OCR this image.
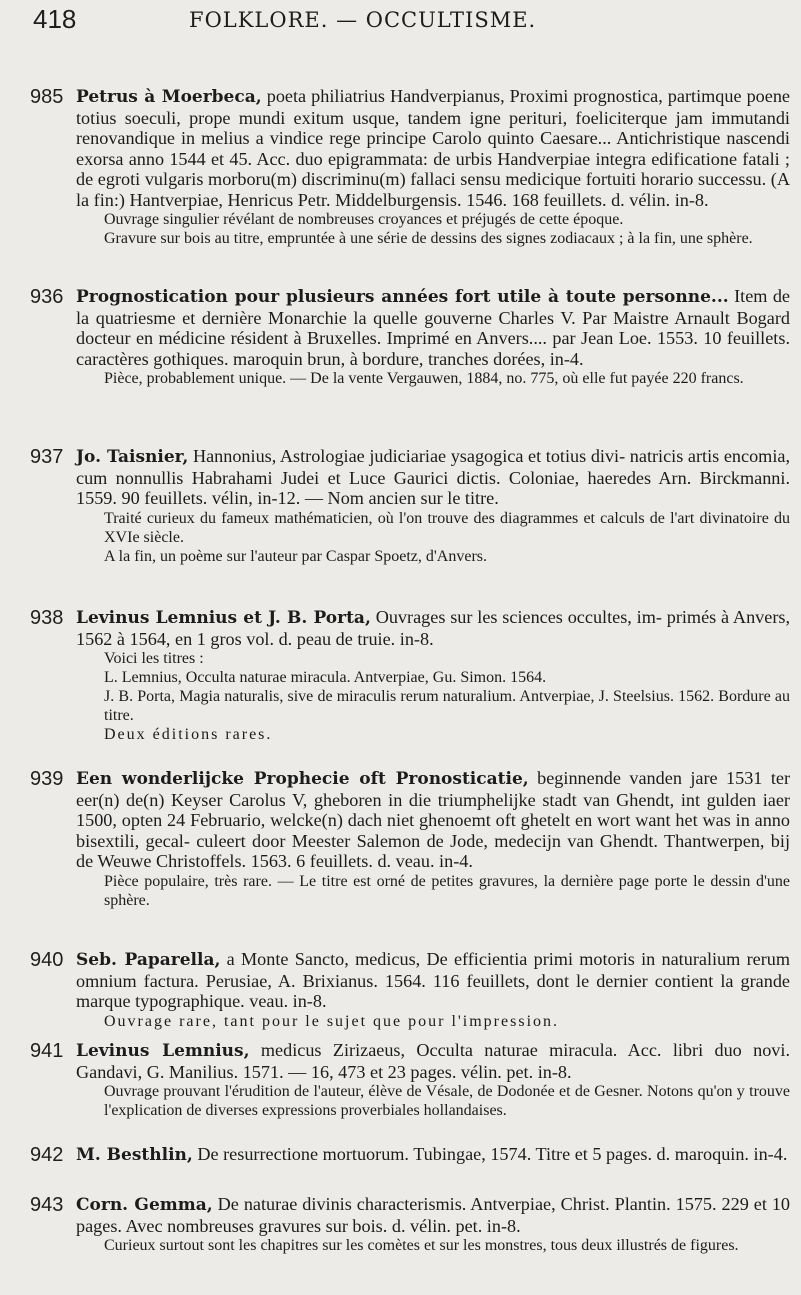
418	FOLKLORE. — OCCULTISME.
985 Petrus à Moerbeca, poeta philiatrius Handverpianus, Proximi prognostica, partimque poene totius soeculi, prope mundi exitum usque, tandem igne perituri, foeliciterque jam immutandi renovandique in melius a vindice rege principe Carolo quinto Caesare... Antichristique nascendi exorsa anno 1544 et 45. Acc. duo epigrammata: de urbis Handverpiae integra edificatione fatali ; de egroti vulgaris morboru(m) discriminu(m) fallaci sensu medicique fortuiti horario successu. (A la fin:) Hantverpiae, Henricus Petr. Middelburgensis. 1546. 168 feuillets. d. vélin. in-8.
Ouvrage singulier révélant de nombreuses croyances et préjugés de cette époque.
Gravure sur bois au titre, empruntée à une série de dessins des signes zodiacaux ; à la fin, une sphère.
936 Prognostication pour plusieurs années fort utile à toute personne... Item de la quatriesme et dernière Monarchie la quelle gouverne Charles V. Par Maistre Arnault Bogard docteur en médicine résident à Bruxelles. Imprimé en Anvers.... par Jean Loe. 1553. 10 feuillets. caractères gothiques. maroquin brun, à bordure, tranches dorées, in-4.
Pièce, probablement unique. — De la vente Vergauwen, 1884, no. 775, où elle fut payée 220 francs.
937 Jo. Taisnier, Hannonius, Astrologiae judiciariae ysagogica et totius divi- natricis artis encomia, cum nonnullis Habrahami Judei et Luce Gaurici dictis. Coloniae, haeredes Arn. Birckmanni. 1559. 90 feuillets. vélin, in-12. — Nom ancien sur le titre.
Traité curieux du fameux mathématicien, où l'on trouve des diagrammes et calculs de l'art divinatoire du XVIe siècle.
A la fin, un poème sur l'auteur par Caspar Spoetz, d'Anvers.
938 Levinus Lemnius et J. B. Porta, Ouvrages sur les sciences occultes, im- primés à Anvers, 1562 à 1564, en 1 gros vol. d. peau de truie. in-8.
Voici les titres :
L. Lemnius, Occulta naturae miracula. Antverpiae, Gu. Simon. 1564.
J. B. Porta, Magia naturalis, sive de miraculis rerum naturalium. Antverpiae, J. Steelsius. 1562. Bordure au titre.
Deux éditions rares.
939 Een wonderlijcke Prophecie oft Pronosticatie, beginnende vanden jare 1531 ter eer(n) de(n) Keyser Carolus V, gheboren in die triumphelijke stadt van Ghendt, int gulden iaer 1500, opten 24 Februario, welcke(n) dach niet ghenoemt oft ghetelt en wort want het was in anno bisextili, gecal- culeert door Meester Salemon de Jode, medecijn van Ghendt. Thantwerpen, bij de Weuwe Christoffels. 1563. 6 feuillets. d. veau. in-4.
Pièce populaire, très rare. — Le titre est orné de petites gravures, la dernière page porte le dessin d'une sphère.
940 Seb. Paparella, a Monte Sancto, medicus, De efficientia primi motoris in naturalium rerum omnium factura. Perusiae, A. Brixianus. 1564. 116 feuillets, dont le dernier contient la grande marque typographique. veau. in-8.
Ouvrage rare, tant pour le sujet que pour l'impression.
941 Levinus Lemnius, medicus Zirizaeus, Occulta naturae miracula. Acc. libri duo novi. Gandavi, G. Manilius. 1571. — 16, 473 et 23 pages. vélin. pet. in-8.
Ouvrage prouvant l'érudition de l'auteur, élève de Vésale, de Dodonée et de Gesner. Notons qu'on y trouve l'explication de diverses expressions proverbiales hollandaises.
942 M. Besthlin, De resurrectione mortuorum. Tubingae, 1574. Titre et 5 pages. d. maroquin. in-4.
943 Corn. Gemma, De naturae divinis characterismis. Antverpiae, Christ. Plantin. 1575. 229 et 10 pages. Avec nombreuses gravures sur bois. d. vélin. pet. in-8.
Curieux surtout sont les chapitres sur les comètes et sur les monstres, tous deux illustrés de figures.
